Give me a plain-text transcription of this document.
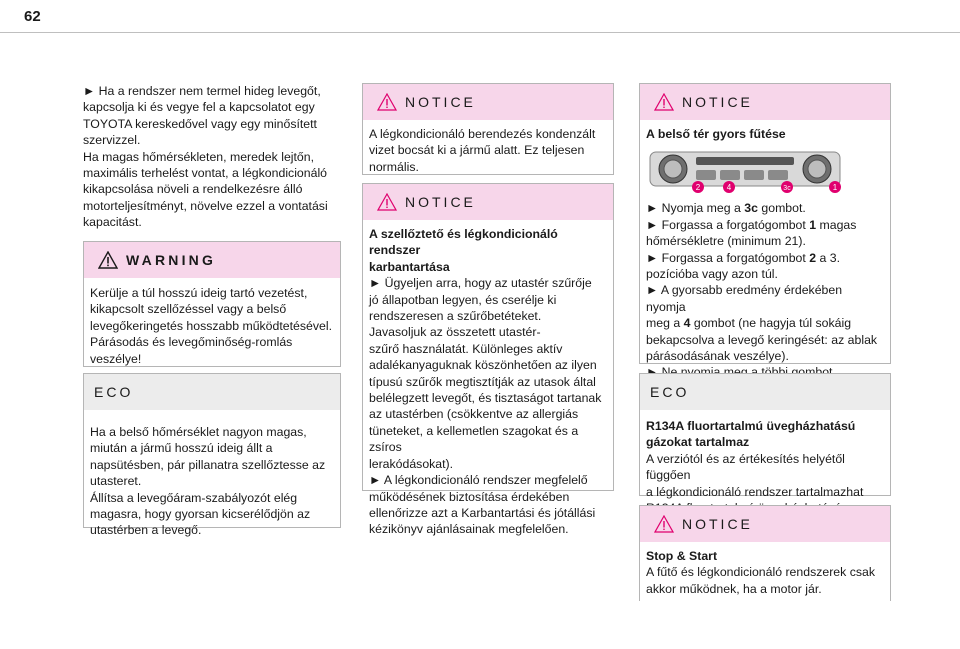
62
► Ha a rendszer nem termel hideg levegőt,
kapcsolja ki és vegye fel a kapcsolatot egy
TOYOTA kereskedővel vagy egy minősített
szervizzel.
Ha magas hőmérsékleten, meredek lejtőn,
maximális terhelést vontat, a légkondicionáló
kikapcsolása növeli a rendelkezésre álló
motorteljesítményt, növelve ezzel a vontatási
kapacitást.
WARNING

Kerülje a túl hosszú ideig tartó vezetést,

kikapcsolt szellőzéssel vagy a belső

levegőkeringetés hosszabb működtetésével.

Párásodás és levegőminőség-romlás

veszélye!

ECO

Ha a belső hőmérséklet nagyon magas,

miután a jármű hosszú ideig állt a

napsütésben, pár pillanatra szellőztesse az

utasteret.

Állítsa a levegőáram-szabályozót elég

magasra, hogy gyorsan kicserélődjön az

utastérben a levegő.

NOTICE

A légkondicionáló berendezés kondenzált

vizet bocsát ki a jármű alatt. Ez teljesen

normális.

NOTICE

A szellőztető és légkondicionáló rendszer

karbantartása

► Ügyeljen arra, hogy az utastér szűrője

jó állapotban legyen, és cserélje ki

rendszeresen a szűrőbetéteket.

Javasoljuk az összetett utastér-

szűrő használatát. Különleges aktív

adalékanyaguknak köszönhetően az ilyen

típusú szűrők megtisztítják az utasok által

belélegzett levegőt, és tisztaságot tartanak

az utastérben (csökkentve az allergiás

tüneteket, a kellemetlen szagokat és a zsíros

lerakódásokat).

► A légkondicionáló rendszer megfelelő

működésének biztosítása érdekében

ellenőrizze azt a Karbantartási és jótállási

kézikönyv ajánlásainak megfelelően.

NOTICE

A belső tér gyors fűtése

2	4	3c	1

► Nyomja meg a 3c gombot.

► Forgassa a forgatógombot 1 magas

hőmérsékletre (minimum 21).

► Forgassa a forgatógombot 2 a 3.

pozícióba vagy azon túl.

► A gyorsabb eredmény érdekében nyomja

meg a 4 gombot (ne hagyja túl sokáig

bekapcsolva a levegő keringését: az ablak

párásodásának veszélye).

ECO

R134A fluortartalmú üvegházhatású

gázokat tartalmaz

A verziótól és az értékesítés helyétől függően

a légkondicionáló rendszer tartalmazhat

NOTICE

Stop & Start

A fűtő és légkondicionáló rendszerek csak

akkor működnek, ha a motor jár.
